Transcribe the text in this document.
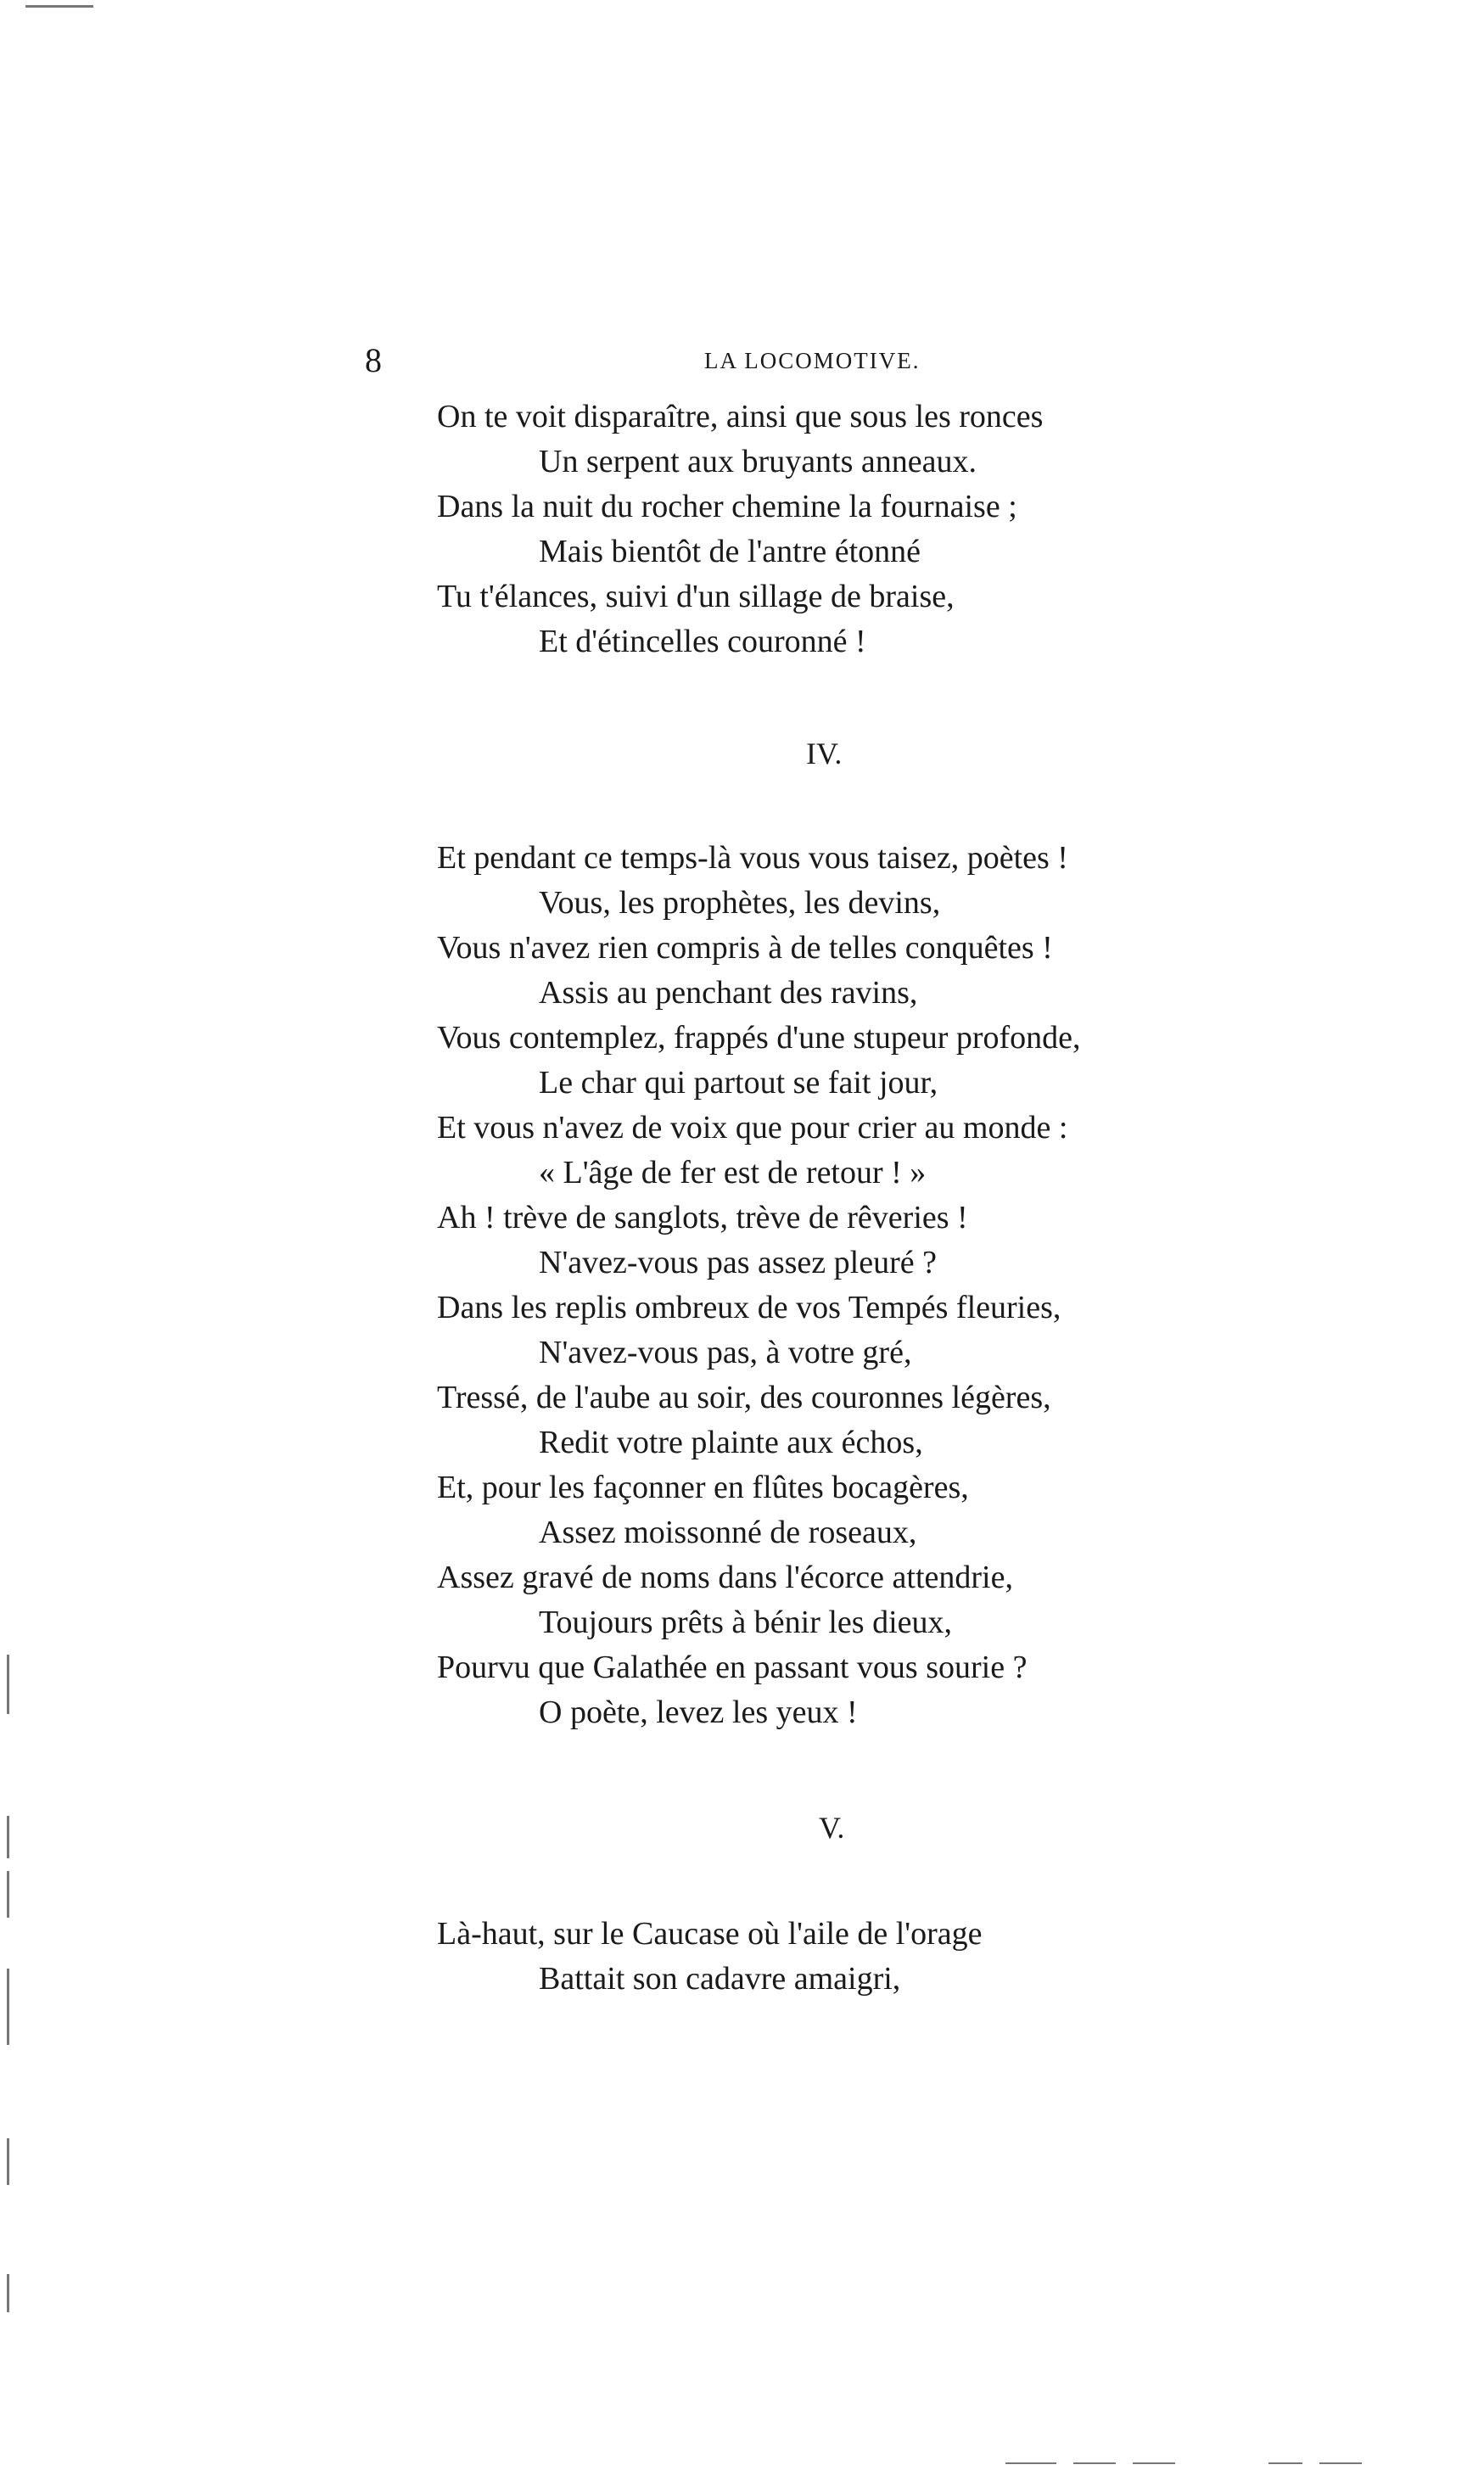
8	LA LOCOMOTIVE.
On te voit disparaître, ainsi que sous les ronces
Un serpent aux bruyants anneaux.
Dans la nuit du rocher chemine la fournaise ;
Mais bientôt de l'antre étonné
Tu t'élances, suivi d'un sillage de braise,
Et d'étincelles couronné !
IV.
Et pendant ce temps-là vous vous taisez, poètes !
Vous, les prophètes, les devins,
Vous n'avez rien compris à de telles conquêtes !
Assis au penchant des ravins,
Vous contemplez, frappés d'une stupeur profonde,
Le char qui partout se fait jour,
Et vous n'avez de voix que pour crier au monde :
« L'âge de fer est de retour ! »
Ah ! trève de sanglots, trève de rêveries !
N'avez-vous pas assez pleuré ?
Dans les replis ombreux de vos Tempés fleuries,
N'avez-vous pas, à votre gré,
Tressé, de l'aube au soir, des couronnes légères,
Redit votre plainte aux échos,
Et, pour les façonner en flûtes bocagères,
Assez moissonné de roseaux,
Assez gravé de noms dans l'écorce attendrie,
Toujours prêts à bénir les dieux,
Pourvu que Galathée en passant vous sourie ?
O poète, levez les yeux !
V.
Là-haut, sur le Caucase où l'aile de l'orage
Battait son cadavre amaigri,
